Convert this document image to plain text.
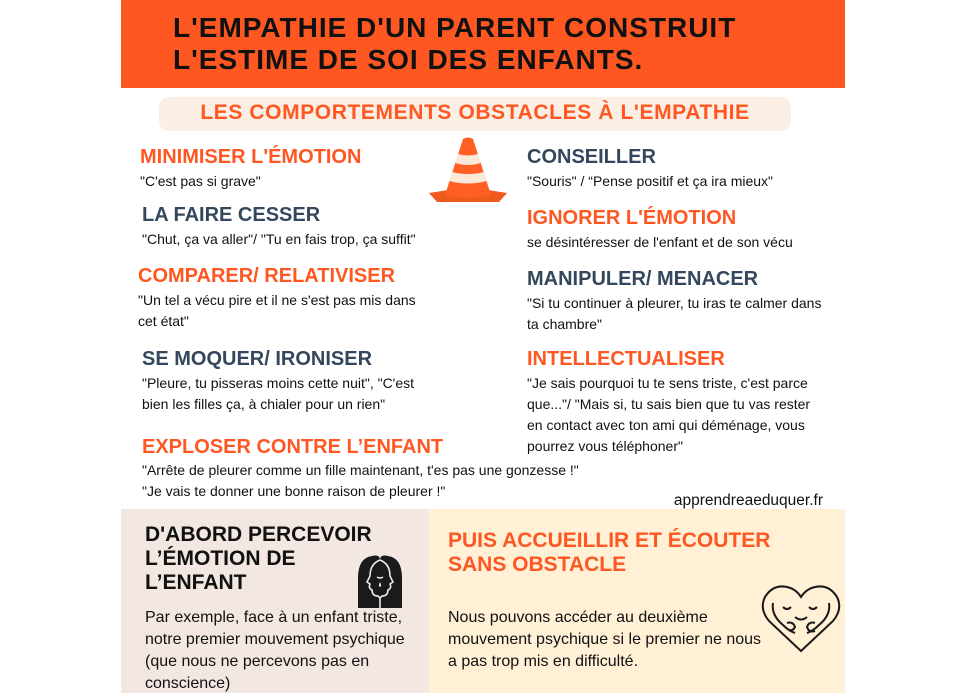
L'EMPATHIE D'UN PARENT CONSTRUIT
L'ESTIME DE SOI DES ENFANTS.
LES COMPORTEMENTS OBSTACLES À L'EMPATHIE
MINIMISER L'ÉMOTION

"C'est pas si grave"

LA FAIRE CESSER

"Chut, ça va aller"/ "Tu en fais trop, ça suffit"

COMPARER/ RELATIVISER

"Un tel a vécu pire et il ne s'est pas mis dans cet état"

SE MOQUER/ IRONISER

"Pleure, tu pisseras moins cette nuit", "C'est bien les filles ça, à chialer pour un rien"

EXPLOSER CONTRE L’ENFANT

"Arrête de pleurer comme un fille maintenant, t'es pas une gonzesse !"
"Je vais te donner une bonne raison de pleurer !"

CONSEILLER

"Souris" / “Pense positif et ça ira mieux"

IGNORER L'ÉMOTION

se désintéresser de l'enfant et de son vécu

MANIPULER/ MENACER

"Si tu continuer à pleurer, tu iras te calmer dans ta chambre"

INTELLECTUALISER

"Je sais pourquoi tu te sens triste, c'est parce que..."/ "Mais si, tu sais bien que tu vas rester en contact avec ton ami qui déménage, vous pourrez vous téléphoner"

apprendreaeduquer.fr
D'ABORD PERCEVOIR L’ÉMOTION DE L’ENFANT

Par exemple, face à un enfant triste, notre premier mouvement psychique (que nous ne percevons pas en conscience)

PUIS ACCUEILLIR ET ÉCOUTER SANS OBSTACLE

Nous pouvons accéder au deuxième mouvement psychique si le premier ne nous a pas trop mis en difficulté.
